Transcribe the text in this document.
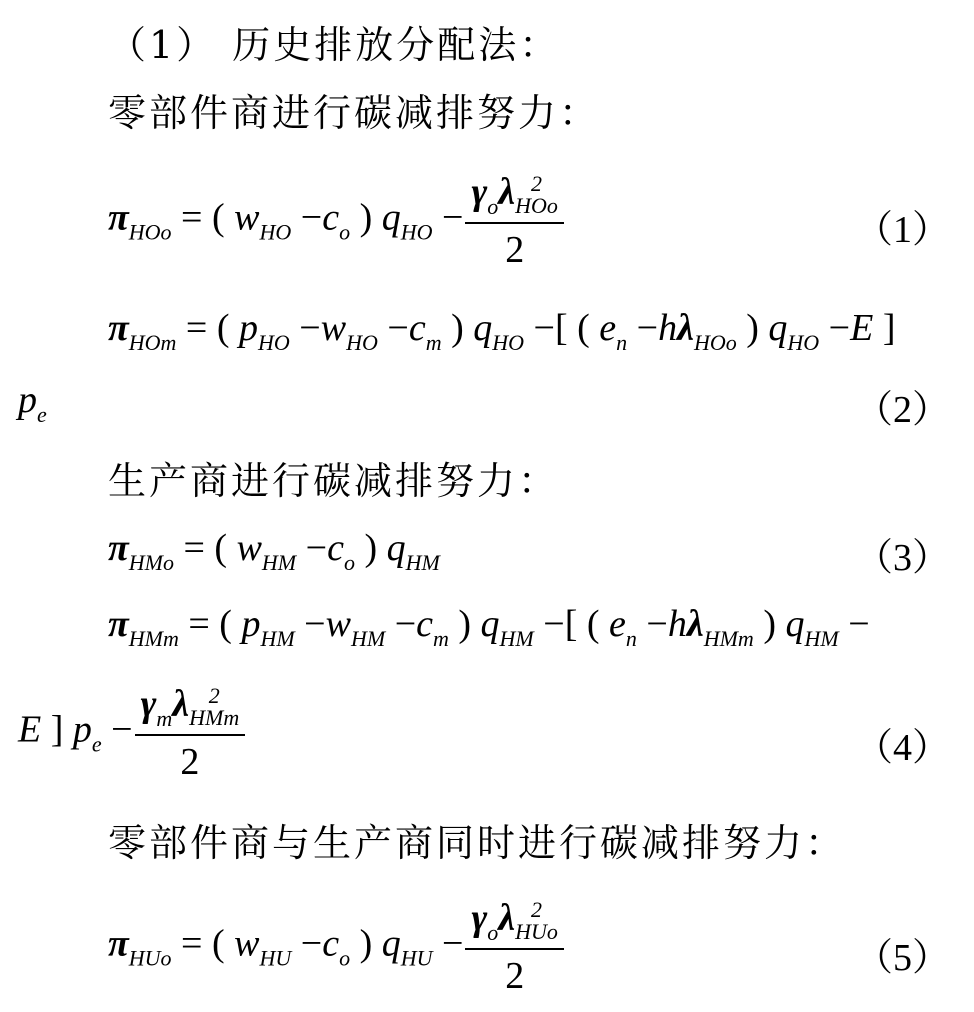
（1） 历史排放分配法：
零部件商进行碳减排努力：
$\pi_{HOo}$ = ( $w_{HO} -c_o$ ) $q_{HO} - \gamma_o\lambda$ 2
HOo
2	（1）
$\pi_{HOm}$ = ( $p_{HO} -w_{HO} -c_m$ ) $q_{HO}$ −[ ( $e_n -h\lambda_{HOo}$ ) $q_{HO} -E$ ]
$p_e$	（2）
生产商进行碳减排努力：
$\pi_{HMo}$ = ( $w_{HM} -c_o$ ) $q_{HM}$	（3）
$\pi_{HMm}$ = ( $p_{HM} -w_{HM} -c_m$ ) $q_{HM}$ −[ ( $e_n -h\lambda_{HMm}$ ) $q_{HM}$ −
E ] $p_e - \gamma_m\lambda$ 2
HMm
2	（4）
零部件商与生产商同时进行碳减排努力：
$\pi_{HUo}$ = ( $w_{HU} -c_o$ ) $q_{HU} - \gamma_o\lambda$ 2
HUo
2	（5）
